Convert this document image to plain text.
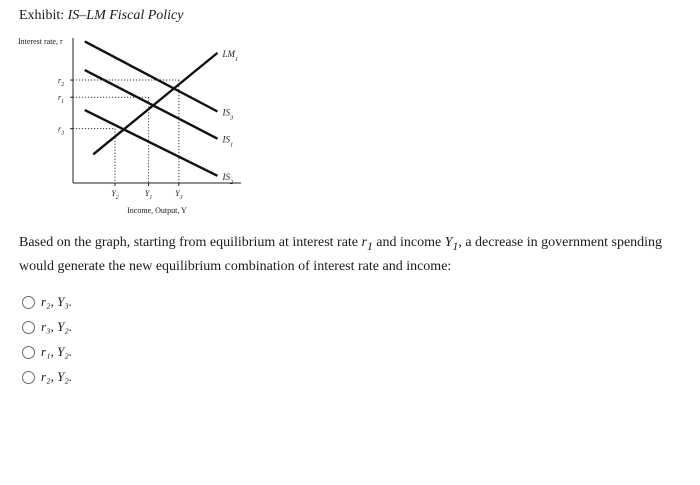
Exhibit: IS–LM Fiscal Policy
Interest rate, r
Income, Output, Y
$LM_1$
$IS_3$
$IS_1$
$IS_2$
$r_2$
$r_1$
$r_3$
$Y_2$	$Y_1$	$Y_3$
Based on the graph, starting from equilibrium at interest rate $r_1$ and income $Y_1$, a decrease in government spending would generate the new equilibrium combination of interest rate and income:
r₂, Y₃.
r₃, Y₂.
r₁, Y₂.
r₂, Y₂.
